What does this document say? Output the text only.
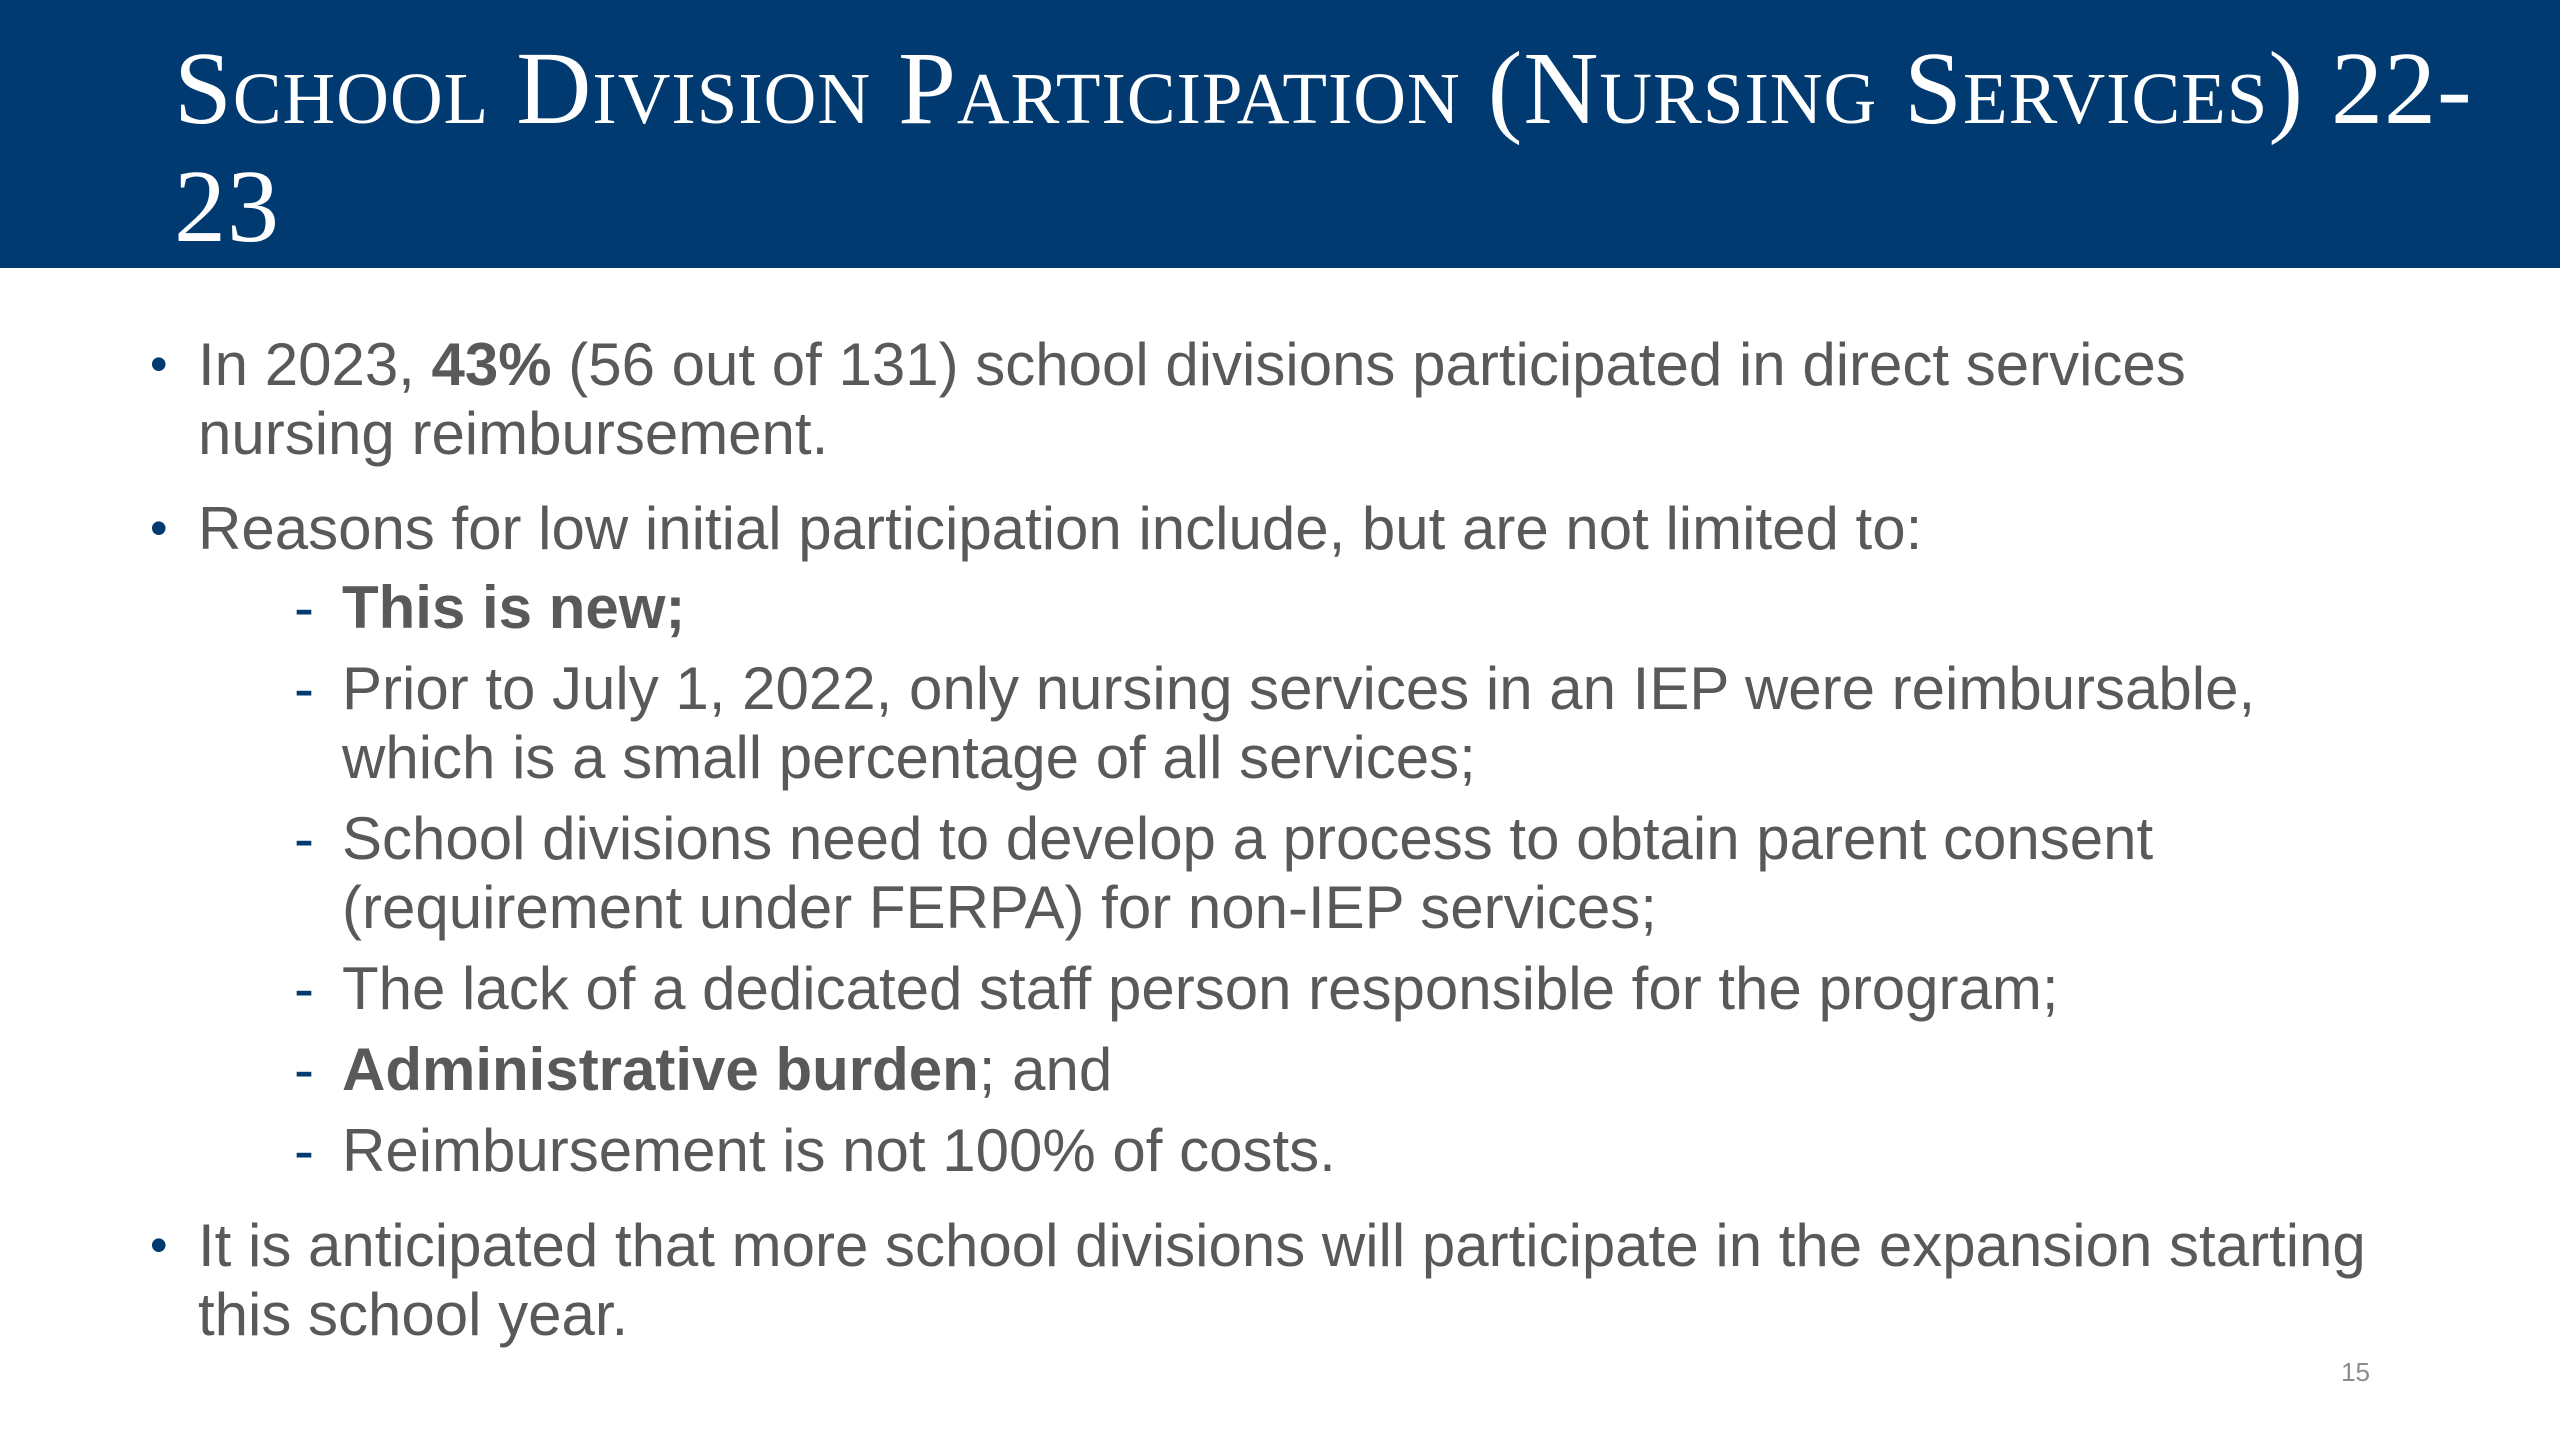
School Division Participation (Nursing Services) 22-23
• In 2023, 43% (56 out of 131) school divisions participated in direct services nursing reimbursement.
• Reasons for low initial participation include, but are not limited to:
- This is new;
- Prior to July 1, 2022, only nursing services in an IEP were reimbursable, which is a small percentage of all services;
- School divisions need to develop a process to obtain parent consent  (requirement under FERPA) for non-IEP services;
- The lack of a dedicated staff person responsible for the program;
- Administrative burden; and
- Reimbursement is not 100% of costs.
• It is anticipated that more school divisions will participate in the expansion starting this school year.
15
